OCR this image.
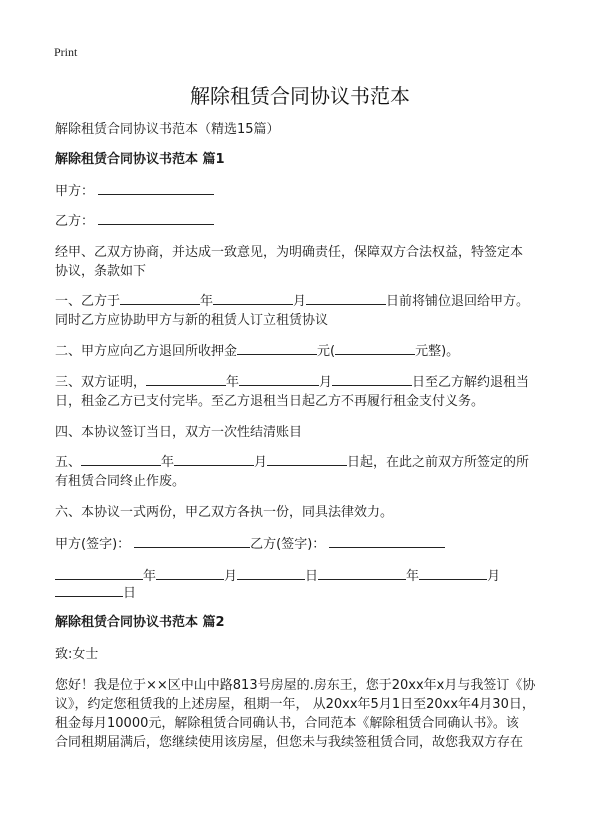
Print
解除租赁合同协议书范本
解除租赁合同协议书范本（精选15篇）
解除租赁合同协议书范本 篇1
甲方：
乙方：
经甲、乙双方协商，并达成一致意见，为明确责任，保障双方合法权益，特签定本
协议，条款如下
一、乙方于	年	月	日前将铺位退回给甲方。
同时乙方应协助甲方与新的租赁人订立租赁协议
二、甲方应向乙方退回所收押金	元(	元整)。
三、双方证明，	年	月	日至乙方解约退租当
日，租金乙方已支付完毕。至乙方退租当日起乙方不再履行租金支付义务。
四、本协议签订当日，双方一次性结清账目
五、	年	月	日起，在此之前双方所签定的所
有租赁合同终止作废。
六、本协议一式两份，甲乙双方各执一份，同具法律效力。
甲方(签字)：	乙方(签字)：
年	月	日	年	月
日
解除租赁合同协议书范本 篇2
致:女士
您好！我是位于××区中山中路813号房屋的.房东王，您于20xx年x月与我签订《协
议》，约定您租赁我的上述房屋，租期一年， 从20xx年5月1日至20xx年4月30日，
租金每月10000元，解除租赁合同确认书，合同范本《解除租赁合同确认书》。该
合同租期届满后，您继续使用该房屋，但您未与我续签租赁合同，故您我双方存在
